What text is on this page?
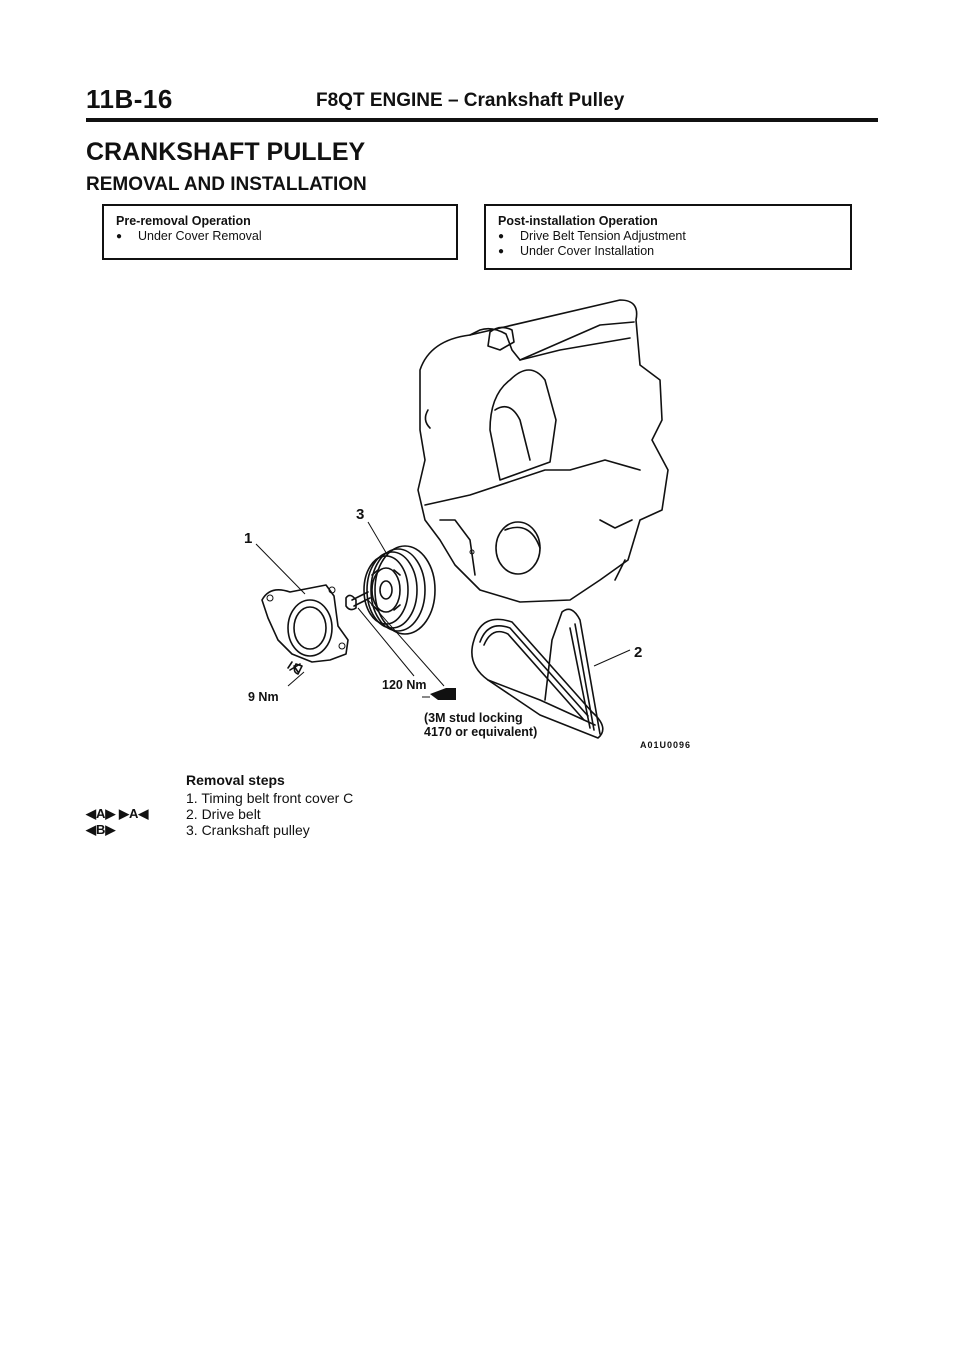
11B-16	F8QT ENGINE – Crankshaft Pulley
CRANKSHAFT PULLEY
REMOVAL AND INSTALLATION
Pre-removal Operation
● Under Cover Removal
Post-installation Operation
● Drive Belt Tension Adjustment
● Under Cover Installation
1
3
2
9 Nm
120 Nm
(3M stud locking
4170 or equivalent)
A01U0096
Removal steps
1. Timing belt front cover C
2. Drive belt
3. Crankshaft pulley
◀A▶ ▶A◀
◀B▶
